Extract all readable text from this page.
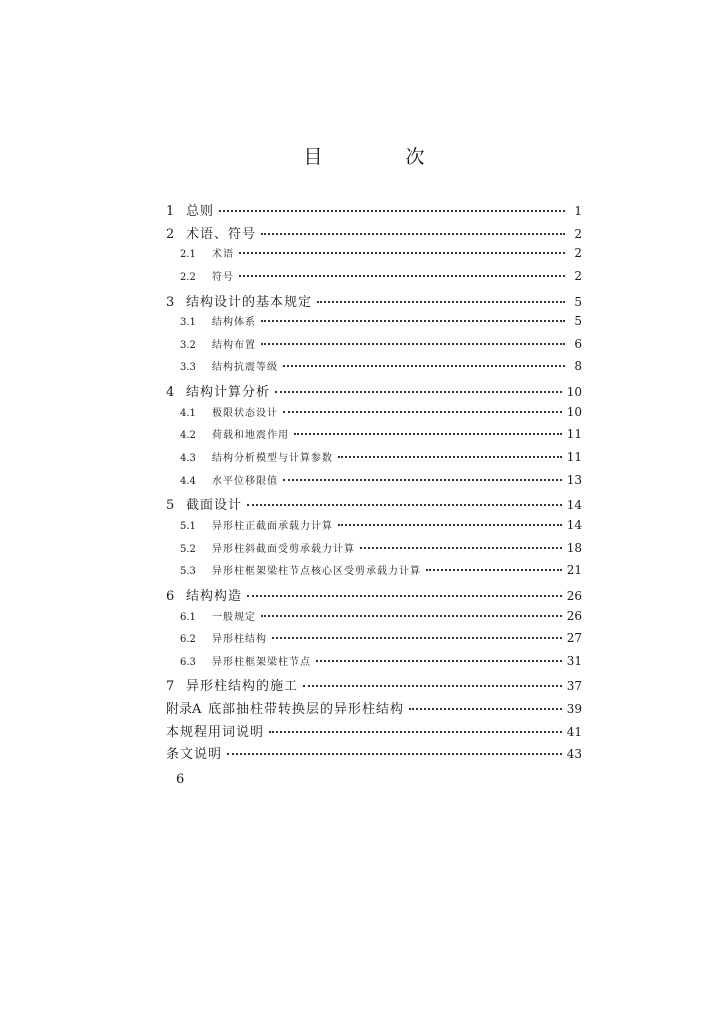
目　次
1 总则	1
2 术语、符号	2
2.1	术语	2
2.2	符号	2
3 结构设计的基本规定	5
3.1	结构体系	5
3.2	结构布置	6
3.3	结构抗震等级	8
4 结构计算分析	10
4.1	极限状态设计	10
4.2	荷载和地震作用	11
4.3	结构分析模型与计算参数	11
4.4	水平位移限值	13
5 截面设计	14
5.1	异形柱正截面承载力计算	14
5.2	异形柱斜截面受剪承载力计算	18
5.3	异形柱框架梁柱节点核心区受剪承载力计算	21
6 结构构造	26
6.1	一般规定	26
6.2	异形柱结构	27
6.3	异形柱框架梁柱节点	31
7 异形柱结构的施工	37
附录A 底部抽柱带转换层的异形柱结构	39
本规程用词说明	41
条文说明	43
6
